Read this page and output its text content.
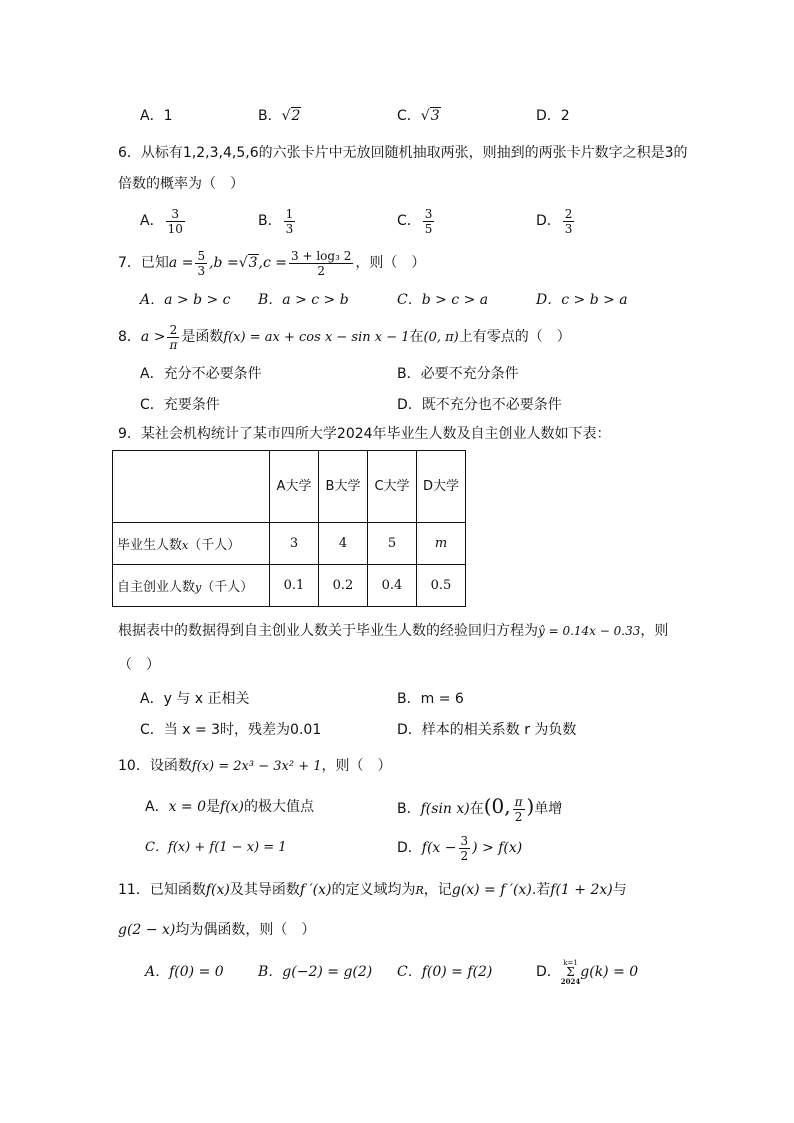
A．1	B．√2	C．√3	D．2
6．从标有1,2,3,4,5,6的六张卡片中无放回随机抽取两张，则抽到的两张卡片数字之积是3的
倍数的概率为（　）
A． $\frac{3}{10}$	B． $\frac{1}{3}$	C． $\frac{3}{5}$	D． $\frac{2}{3}$
7．已知$a = \frac{5}{3} ,b =√3,c = \frac{\text{3 + log₃ 2}}{2}$ ，则（　）
A．a > b > c B．a > c > b	C．b > c > a	D．c > b > a
8．$a > \frac{2}{\pi}$ 是函数f(x) = ax + cos x − sin x − 1在(0, π)上有零点的（　）
A．充分不必要条件	B．必要不充分条件
C．充要条件	D．既不充分也不必要条件
9．某社会机构统计了某市四所大学2024年毕业生人数及自主创业人数如下表：
	A大学	B大学	C大学	D大学
毕业生人数x（千人）	3	4	5	m
自主创业人数y（千人）	0.1	0.2	0.4	0.5
根据表中的数据得到自主创业人数关于毕业生人数的经验回归方程为ŷ = 0.14x − 0.33，则
（　）
A．y 与 x 正相关	B．m = 6
C．当 x = 3时，残差为0.01	D．样本的相关系数 r 为负数
10．设函数f(x) = 2x³ − 3x² + 1，则（　）
A．x = 0是f(x)的极大值点	B．f(sin x)在(0, $\frac{\pi}{2}$ )单增
C．f(x) + f(1 − x) = 1	D．$f(x - \frac{3}{2}$ ) > f(x)
11．已知函数f(x)及其导函数f ′(x)的定义域均为R，记g(x) = f ′(x).若f(1 + 2x)与
g(2 − x)均为偶函数，则（　）
A．f(0) = 0 B．g(−2) = g(2) C．f(0) = f(2)	D．
k=1
Σ
2024
g(k) = 0
